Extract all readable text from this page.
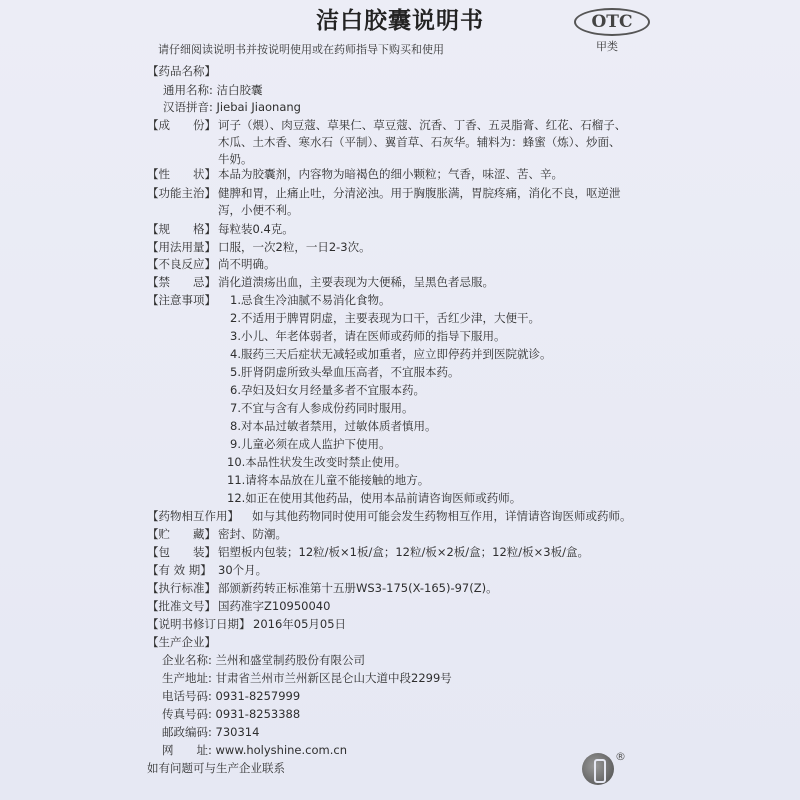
洁白胶囊说明书	OTC
甲类
请仔细阅读说明书并按说明使用或在药师指导下购买和使用
【药品名称】
通用名称: 洁白胶囊
汉语拼音: Jiebai Jiaonang
【成　　份】 诃子（煨）、肉豆蔻、草果仁、草豆蔻、沉香、丁香、五灵脂膏、红花、石榴子、
木瓜、土木香、寒水石（平制）、翼首草、石灰华。辅料为：蜂蜜（炼）、炒面、
牛奶。
【性　　状】 本品为胶囊剂，内容物为暗褐色的细小颗粒；气香，味涩、苦、辛。
【功能主治】 健脾和胃，止痛止吐，分清泌浊。用于胸腹胀满，胃脘疼痛，消化不良，呕逆泄
泻，小便不利。
【规　　格】 每粒装0.4克。
【用法用量】 口服，一次2粒，一日2-3次。
【不良反应】 尚不明确。
【禁　　忌】 消化道溃疡出血，主要表现为大便稀，呈黑色者忌服。
【注意事项】 1.忌食生冷油腻不易消化食物。
2.不适用于脾胃阴虚，主要表现为口干，舌红少津，大便干。
3.小儿、年老体弱者，请在医师或药师的指导下服用。
4.服药三天后症状无减轻或加重者，应立即停药并到医院就诊。
5.肝肾阴虚所致头晕血压高者，不宜服本药。
6.孕妇及妇女月经量多者不宜服本药。
7.不宜与含有人参成份药同时服用。
8.对本品过敏者禁用，过敏体质者慎用。
9.儿童必须在成人监护下使用。
10.本品性状发生改变时禁止使用。
11.请将本品放在儿童不能接触的地方。
12.如正在使用其他药品，使用本品前请咨询医师或药师。
【药物相互作用】 如与其他药物同时使用可能会发生药物相互作用，详情请咨询医师或药师。
【贮　　藏】 密封、防潮。
【包　　装】 铝塑板内包装；12粒/板×1板/盒；12粒/板×2板/盒；12粒/板×3板/盒。
【有 效 期】 30个月。
【执行标准】 部颁新药转正标准第十五册WS3-175(X-165)-97(Z)。
【批准文号】 国药准字Z10950040
【说明书修订日期】 2016年05月05日
【生产企业】
企业名称: 兰州和盛堂制药股份有限公司
生产地址: 甘肃省兰州市兰州新区昆仑山大道中段2299号
电话号码: 0931-8257999
传真号码: 0931-8253388
邮政编码: 730314
网　　址: www.holyshine.com.cn
如有问题可与生产企业联系
®
